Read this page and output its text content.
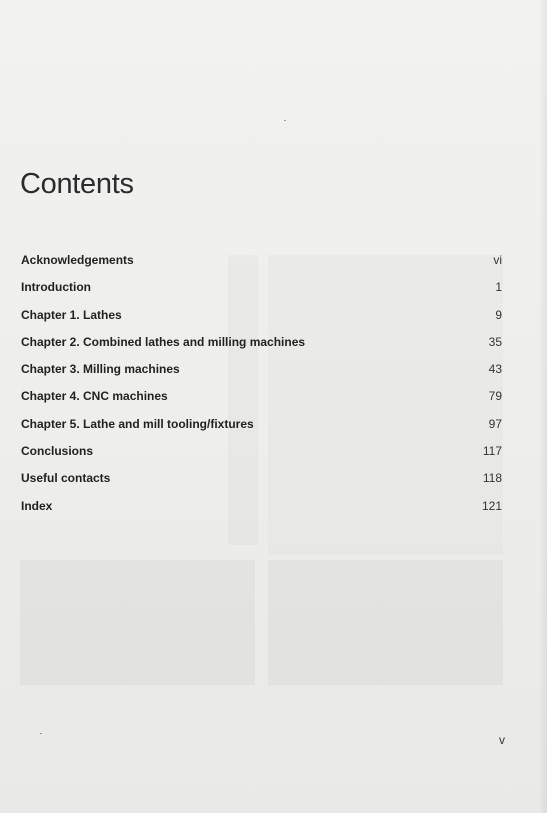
Contents
Acknowledgements	vi
Introduction	1
Chapter 1. Lathes	9
Chapter 2. Combined lathes and milling machines	35
Chapter 3. Milling machines	43
Chapter 4. CNC machines	79
Chapter 5. Lathe and mill tooling/fixtures	97
Conclusions	117
Useful contacts	118
Index	121
v
